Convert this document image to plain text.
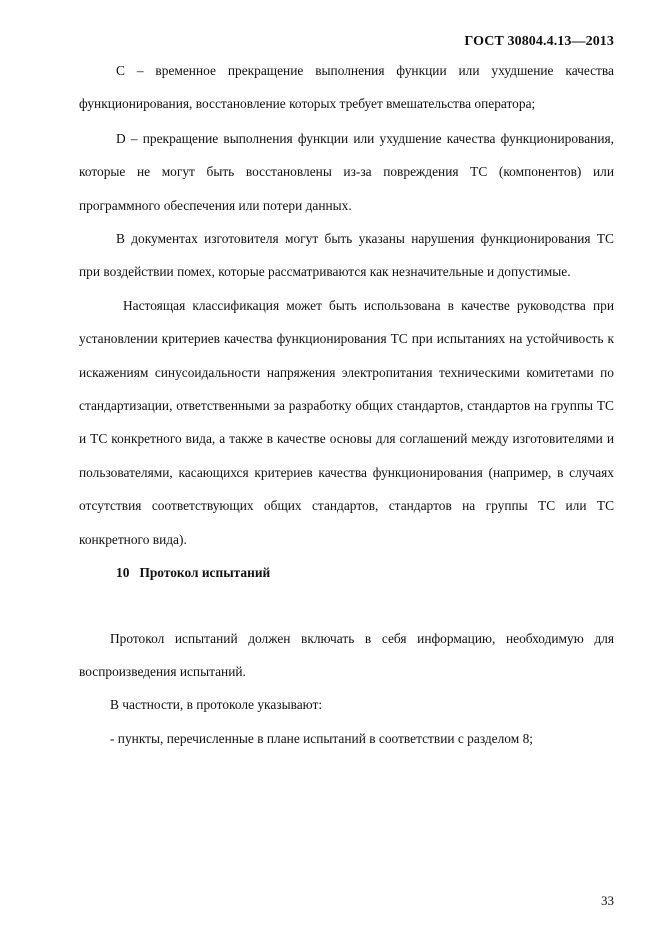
ГОСТ 30804.4.13—2013

С – временное прекращение выполнения функции или ухудшение качества функционирования, восстановление которых требует вмешательства оператора;

D – прекращение выполнения функции или ухудшение качества функционирования, которые не могут быть восстановлены из-за повреждения ТС (компонентов) или программного обеспечения или потери данных.

В документах изготовителя могут быть указаны нарушения функционирования ТС при воздействии помех, которые рассматриваются как незначительные и допустимые.

Настоящая классификация может быть использована в качестве руководства при установлении критериев качества функционирования ТС при испытаниях на устойчивость к искажениям синусоидальности напряжения электропитания техническими комитетами по стандартизации, ответственными за разработку общих стандартов, стандартов на группы ТС и ТС конкретного вида, а также в качестве основы для соглашений между изготовителями и пользователями, касающихся критериев качества функционирования (например, в случаях отсутствия соответствующих общих стандартов, стандартов на группы ТС или ТС конкретного вида).

10 Протокол испытаний

Протокол испытаний должен включать в себя информацию, необходимую для воспроизведения испытаний.

В частности, в протоколе указывают:

- пункты, перечисленные в плане испытаний в соответствии с разделом 8;

33
